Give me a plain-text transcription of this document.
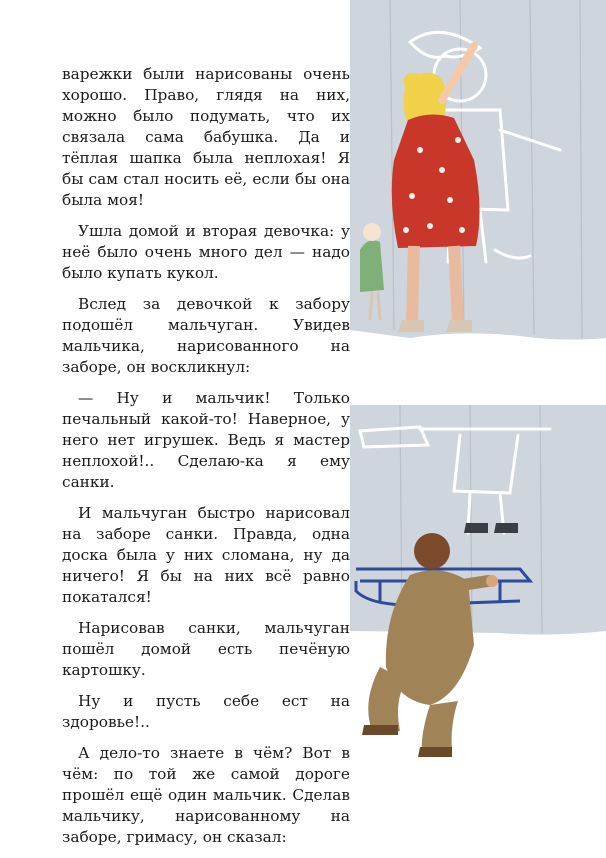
варежки были нарисованы очень хорошо. Право, глядя на них, можно было подумать, что их связала сама бабушка. Да и тёплая шапка была неплохая! Я бы сам стал носить её, если бы она была моя!

Ушла домой и вторая девочка: у неё было очень много дел — надо было купать кукол.

Вслед за девочкой к забору подошёл мальчуган. Увидев мальчика, нарисованного на заборе, он воскликнул:

— Ну и мальчик! Только печальный какой-то! Наверное, у него нет игрушек. Ведь я мастер неплохой!.. Сделаю-ка я ему санки.

И мальчуган быстро нарисовал на заборе санки. Правда, одна доска была у них сломана, ну да ничего! Я бы на них всё равно покатался!

Нарисовав санки, мальчуган пошёл домой есть печёную картошку.

Ну и пусть себе ест на здоровье!..

А дело-то знаете в чём? Вот в чём: по той же самой дороге прошёл ещё один мальчик. Сделав мальчику, нарисованному на заборе, гримасу, он сказал:
